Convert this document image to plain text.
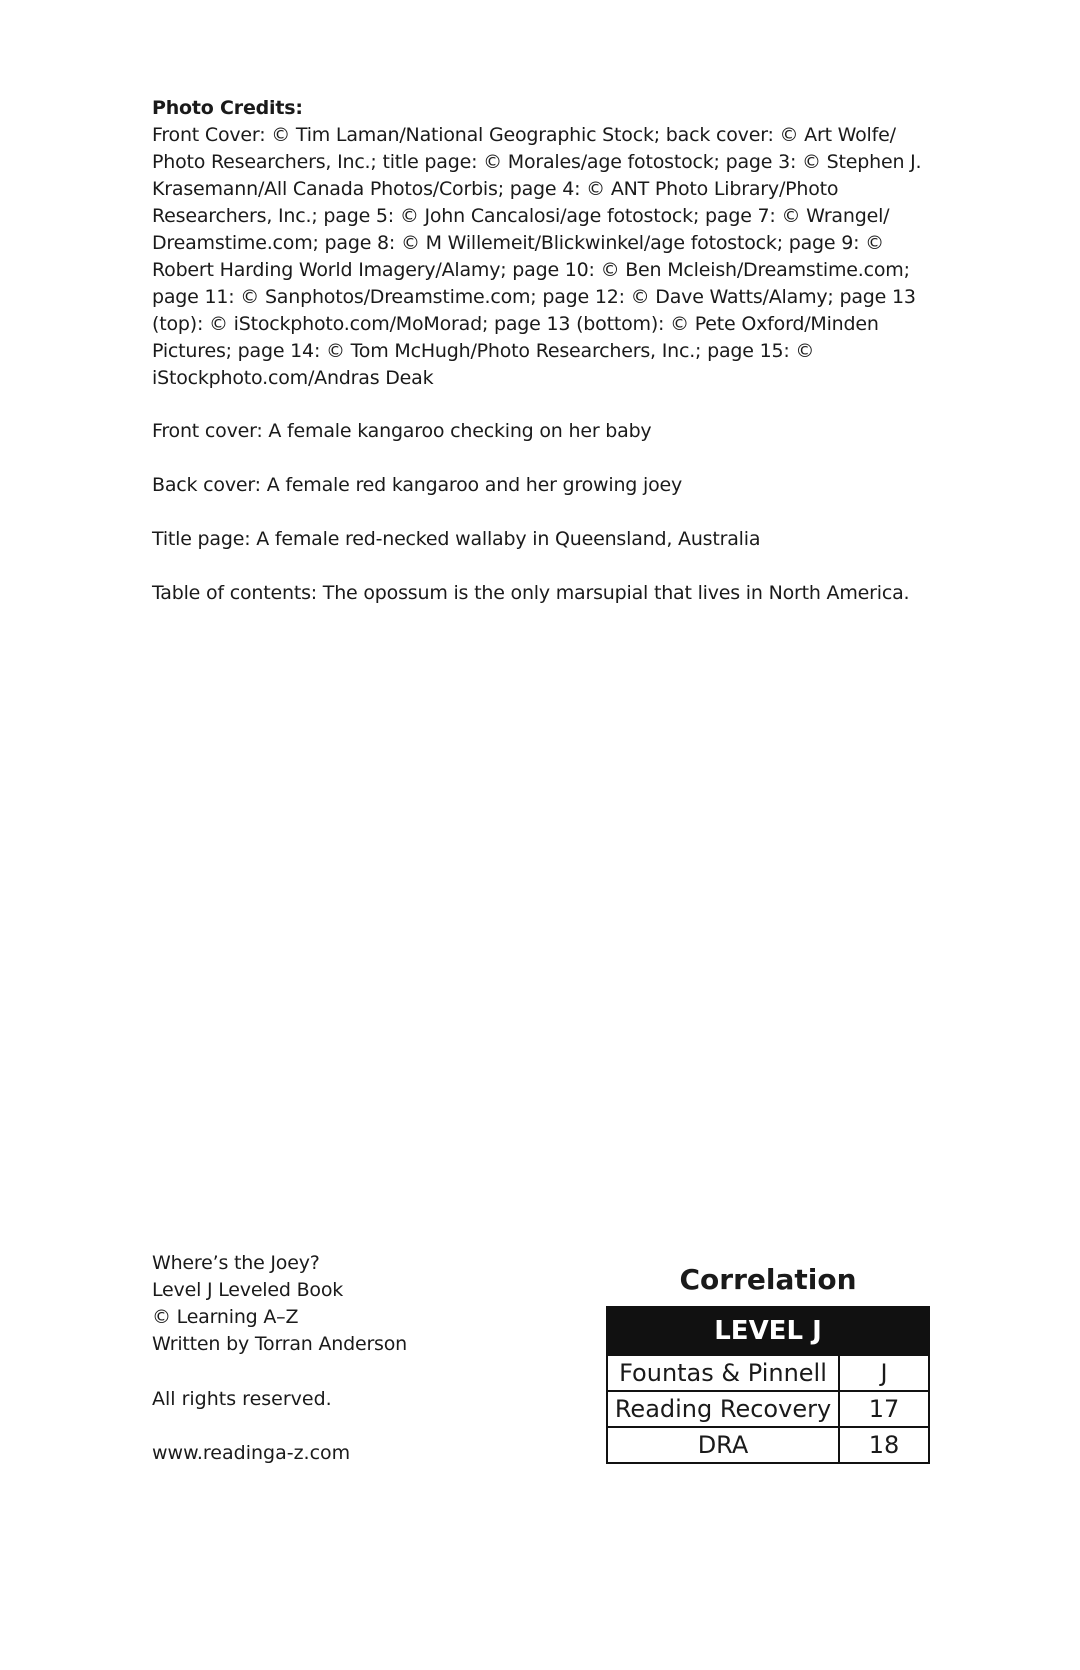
Photo Credits:

Front Cover: © Tim Laman/National Geographic Stock; back cover: © Art Wolfe/ Photo Researchers, Inc.; title page: © Morales/age fotostock; page 3: © Stephen J. Krasemann/All Canada Photos/Corbis; page 4: © ANT Photo Library/Photo Researchers, Inc.; page 5: © John Cancalosi/age fotostock; page 7: © Wrangel/ Dreamstime.com; page 8: © M Willemeit/Blickwinkel/age fotostock; page 9: © Robert Harding World Imagery/Alamy; page 10: © Ben Mcleish/Dreamstime.com; page 11: © Sanphotos/Dreamstime.com; page 12: © Dave Watts/Alamy; page 13 (top): © iStockphoto.com/MoMorad; page 13 (bottom): © Pete Oxford/Minden Pictures; page 14: © Tom McHugh/Photo Researchers, Inc.; page 15: © iStockphoto.com/Andras Deak

Front cover: A female kangaroo checking on her baby

Back cover: A female red kangaroo and her growing joey

Title page: A female red-necked wallaby in Queensland, Australia

Table of contents: The opossum is the only marsupial that lives in North America.

Where’s the Joey?

Level J Leveled Book

© Learning A–Z

Written by Torran Anderson

All rights reserved.

www.readinga-z.com

Correlation

LEVEL J	
Fountas & Pinnell	J
Reading Recovery	17
DRA	18
